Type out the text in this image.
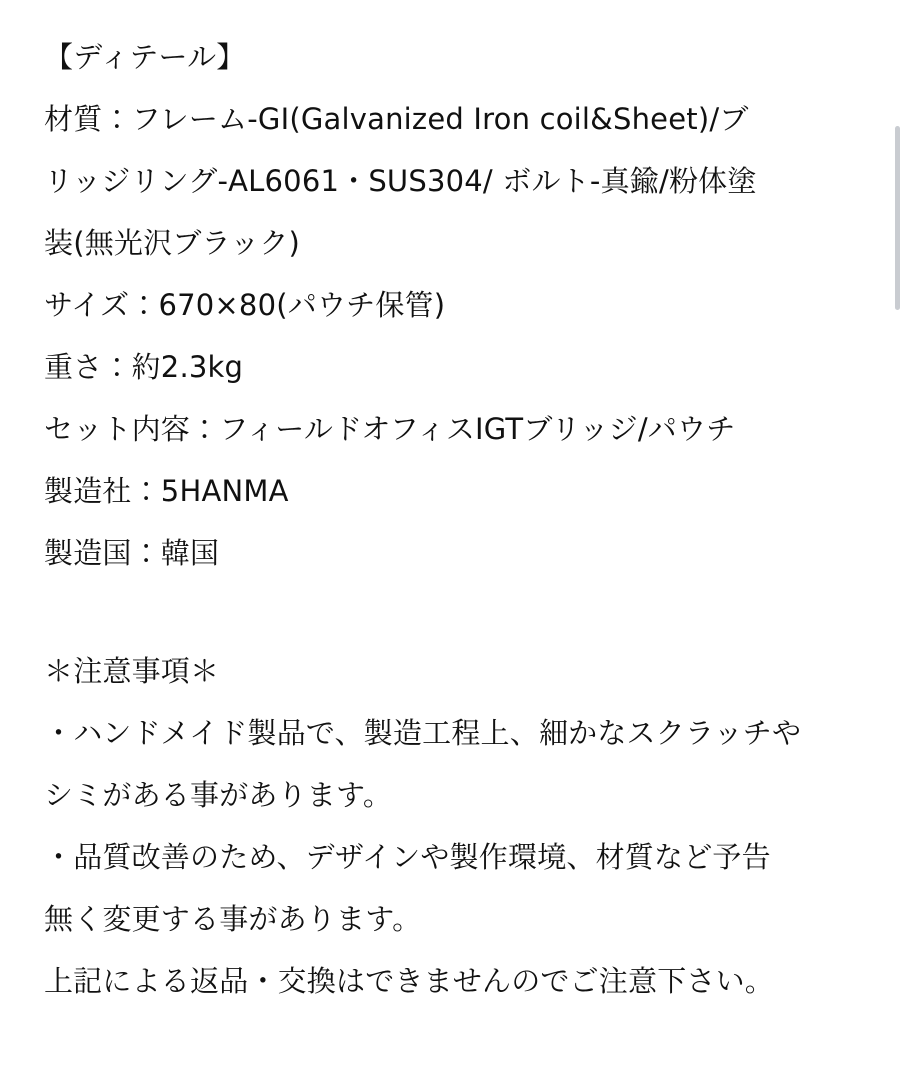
【ディテール】
材質：フレーム-GI(Galvanized Iron coil&Sheet)/ブ
リッジリング-AL6061・SUS304/ ボルト-真鍮/粉体塗
装(無光沢ブラック)
サイズ：670×80(パウチ保管)
重さ：約2.3kg
セット内容：フィールドオフィスIGTブリッジ/パウチ
製造社：5HANMA
製造国：韓国
＊注意事項＊
・ハンドメイド製品で、製造工程上、細かなスクラッチや
シミがある事があります。
・品質改善のため、デザインや製作環境、材質など予告
無く変更する事があります。
上記による返品・交換はできませんのでご注意下さい。
